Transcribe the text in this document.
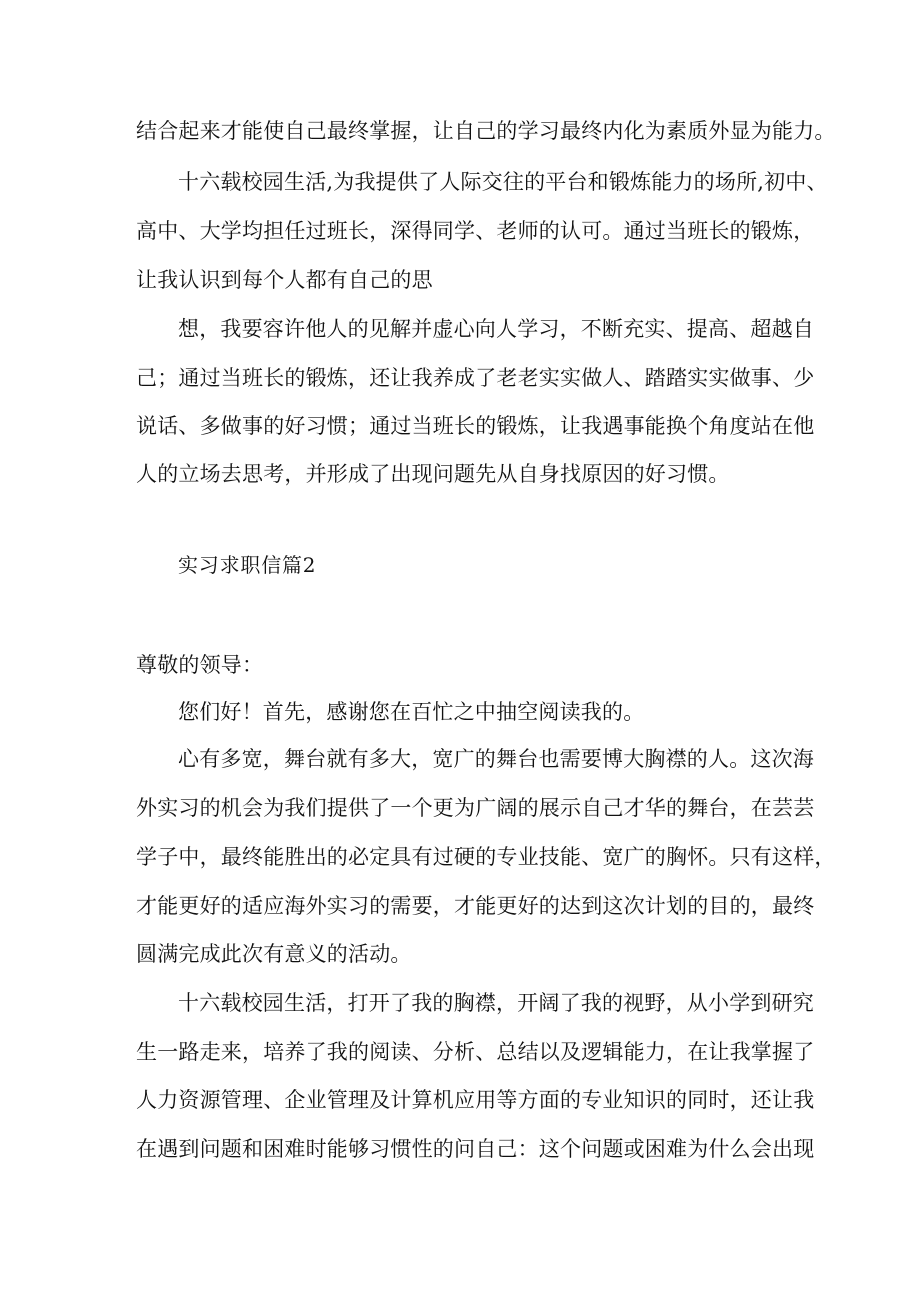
结合起来才能使自己最终掌握，让自己的学习最终内化为素质外显为能力。
十六载校园生活,为我提供了人际交往的平台和锻炼能力的场所,初中、
高中、大学均担任过班长，深得同学、老师的认可。通过当班长的锻炼，
让我认识到每个人都有自己的思
想，我要容许他人的见解并虚心向人学习，不断充实、提高、超越自
己；通过当班长的锻炼，还让我养成了老老实实做人、踏踏实实做事、少
说话、多做事的好习惯；通过当班长的锻炼，让我遇事能换个角度站在他
人的立场去思考，并形成了出现问题先从自身找原因的好习惯。
实习求职信篇2
尊敬的领导：
您们好！首先，感谢您在百忙之中抽空阅读我的。
心有多宽，舞台就有多大，宽广的舞台也需要博大胸襟的人。这次海
外实习的机会为我们提供了一个更为广阔的展示自己才华的舞台，在芸芸
学子中，最终能胜出的必定具有过硬的专业技能、宽广的胸怀。只有这样，
才能更好的适应海外实习的需要，才能更好的达到这次计划的目的，最终
圆满完成此次有意义的活动。
十六载校园生活，打开了我的胸襟，开阔了我的视野，从小学到研究
生一路走来，培养了我的阅读、分析、总结以及逻辑能力，在让我掌握了
人力资源管理、企业管理及计算机应用等方面的专业知识的同时，还让我
在遇到问题和困难时能够习惯性的问自己：这个问题或困难为什么会出现
